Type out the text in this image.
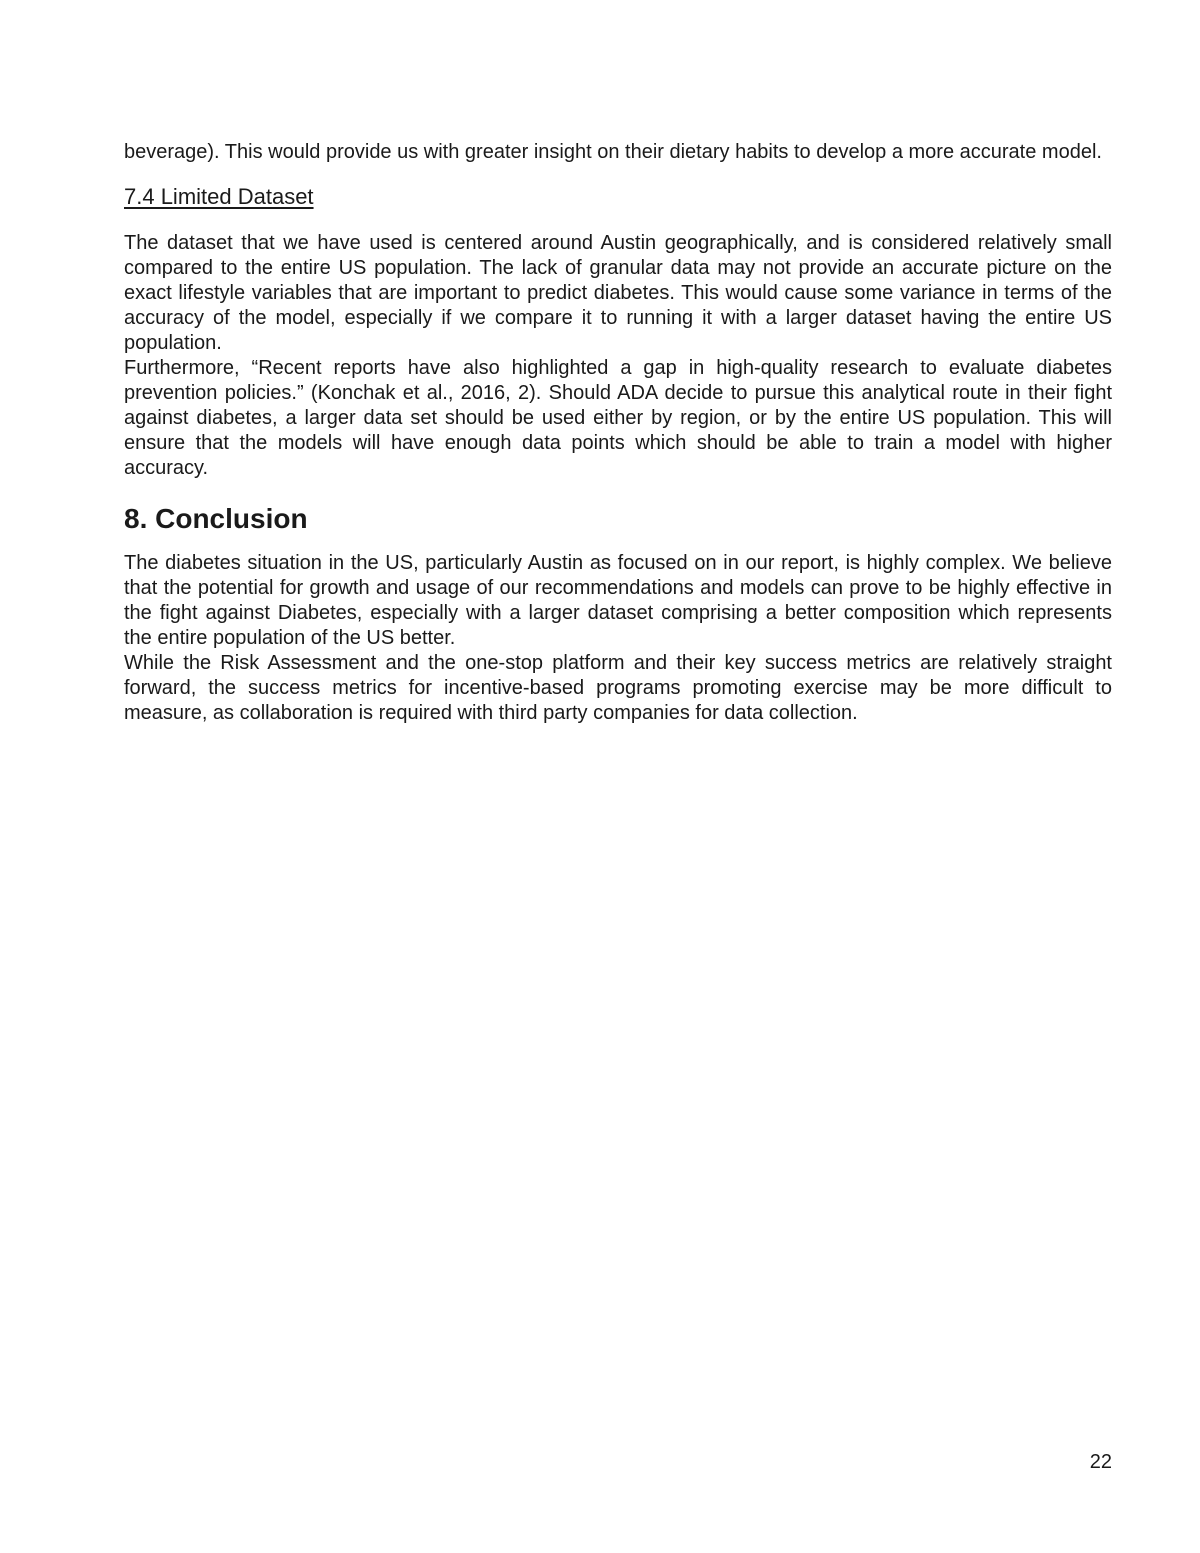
beverage). This would provide us with greater insight on their dietary habits to develop a more accurate model.

7.4 Limited Dataset

The dataset that we have used is centered around Austin geographically, and is considered relatively small compared to the entire US population. The lack of granular data may not provide an accurate picture on the exact lifestyle variables that are important to predict diabetes. This would cause some variance in terms of the accuracy of the model, especially if we compare it to running it with a larger dataset having the entire US population.

Furthermore, “Recent reports have also highlighted a gap in high-quality research to evaluate diabetes prevention policies.” (Konchak et al., 2016, 2). Should ADA decide to pursue this analytical route in their fight against diabetes, a larger data set should be used either by region, or by the entire US population. This will ensure that the models will have enough data points which should be able to train a model with higher accuracy.

8. Conclusion

The diabetes situation in the US, particularly Austin as focused on in our report, is highly complex. We believe that the potential for growth and usage of our recommendations and models can prove to be highly effective in the fight against Diabetes, especially with a larger dataset comprising a better composition which represents the entire population of the US better.

While the Risk Assessment and the one-stop platform and their key success metrics are relatively straight forward, the success metrics for incentive-based programs promoting exercise may be more difficult to measure, as collaboration is required with third party companies for data collection.

22
